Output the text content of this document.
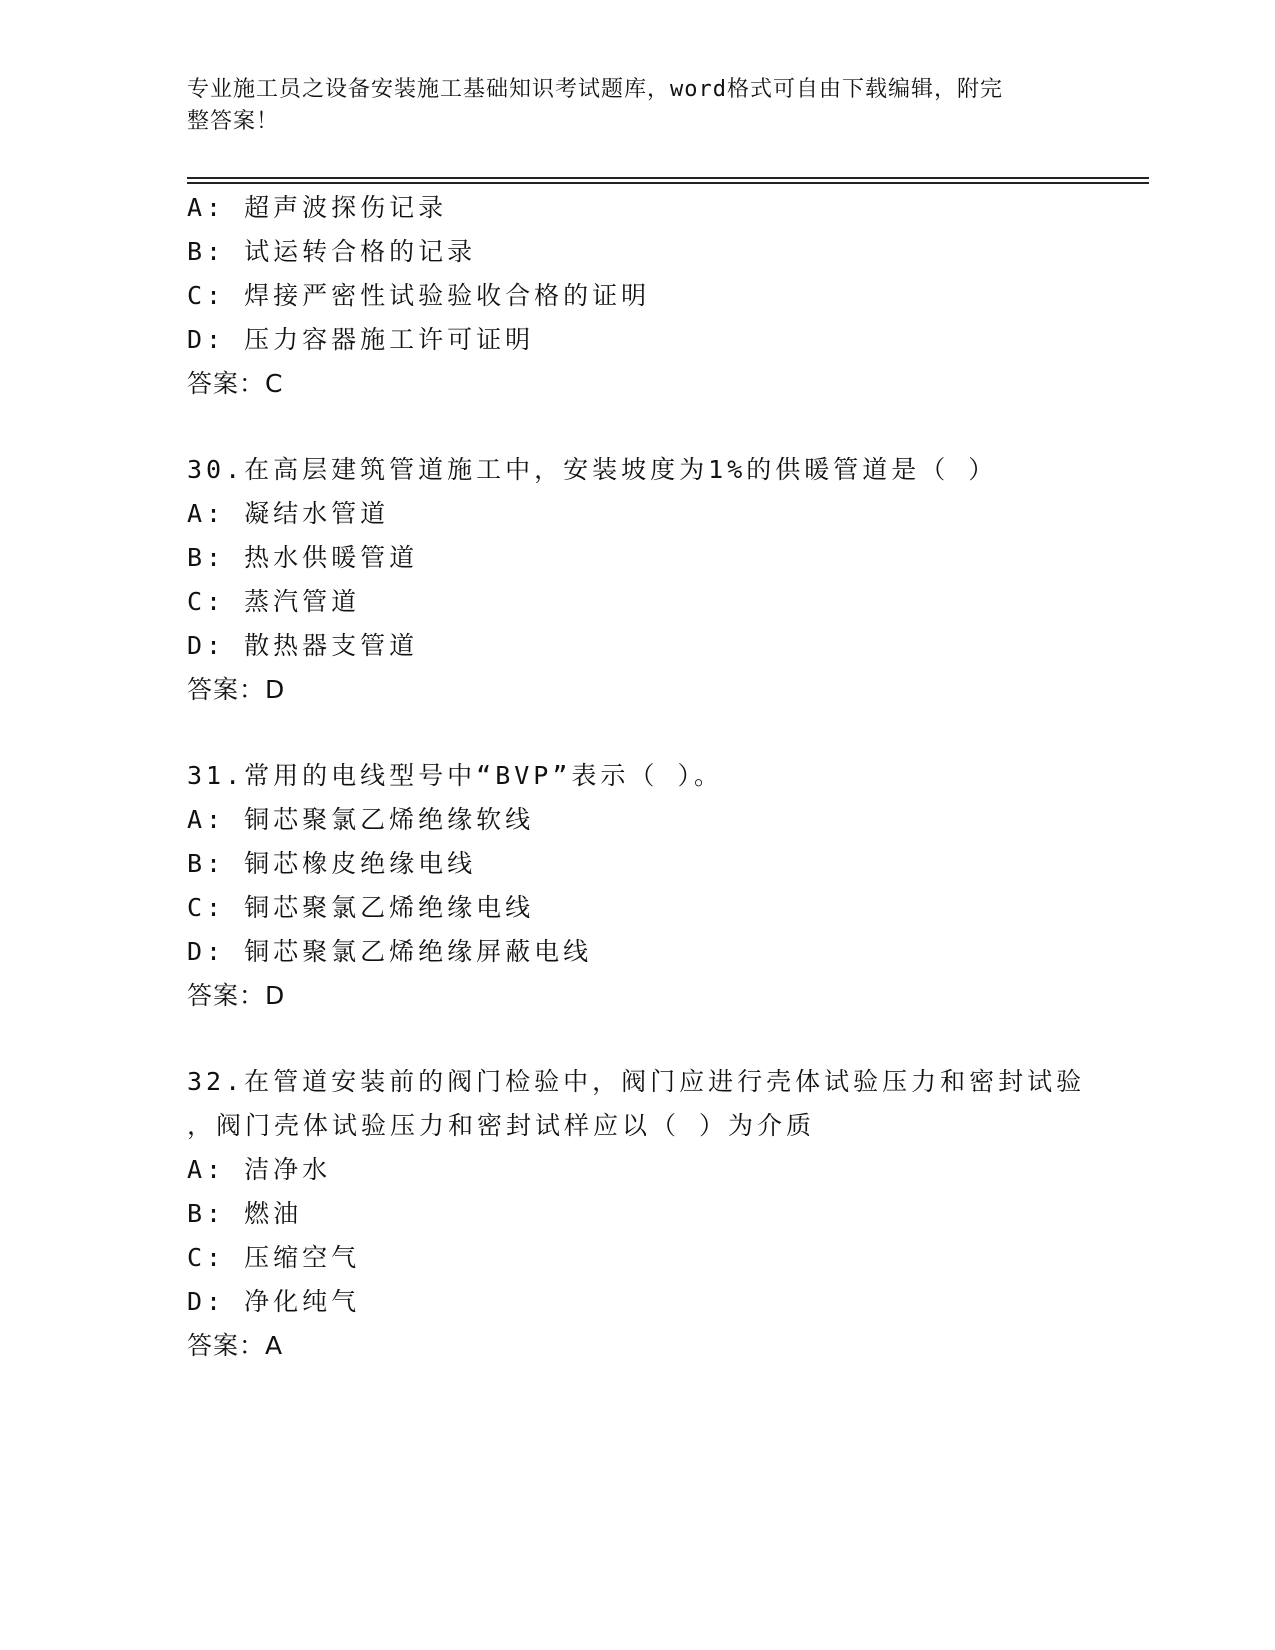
专业施工员之设备安装施工基础知识考试题库，word格式可自由下载编辑，附完
整答案！
A: 超声波探伤记录
B: 试运转合格的记录
C: 焊接严密性试验验收合格的证明
D: 压力容器施工许可证明
答案：C
30.在高层建筑管道施工中，安装坡度为1%的供暖管道是（ ）
A: 凝结水管道
B: 热水供暖管道
C: 蒸汽管道
D: 散热器支管道
答案：D
31.常用的电线型号中“BVP”表示（ ）。
A: 铜芯聚氯乙烯绝缘软线
B: 铜芯橡皮绝缘电线
C: 铜芯聚氯乙烯绝缘电线
D: 铜芯聚氯乙烯绝缘屏蔽电线
答案：D
32.在管道安装前的阀门检验中，阀门应进行壳体试验压力和密封试验
，阀门壳体试验压力和密封试样应以（ ）为介质
A: 洁净水
B: 燃油
C: 压缩空气
D: 净化纯气
答案：A
